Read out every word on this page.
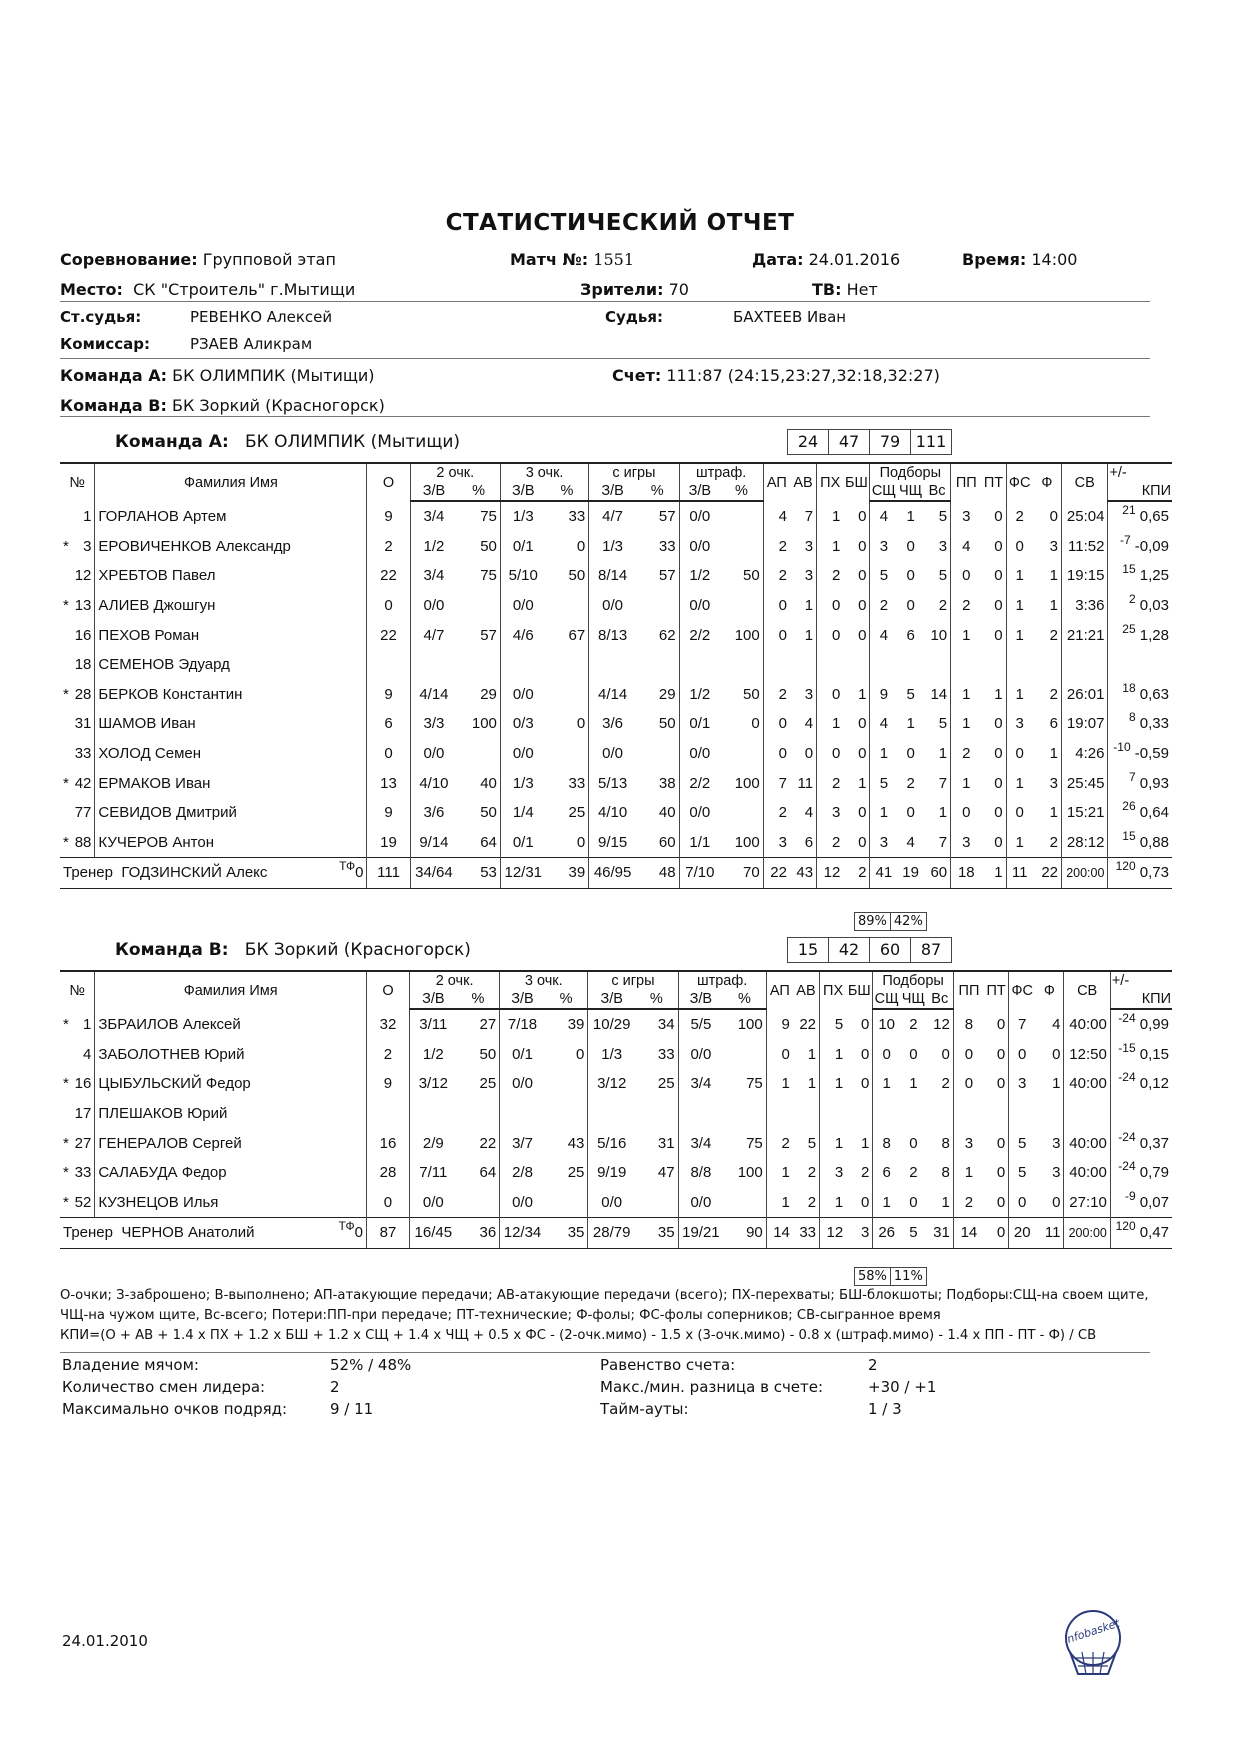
СТАТИСТИЧЕСКИЙ ОТЧЕТ
Соревнование: Групповой этап	Матч №: 1551	Дата: 24.01.2016	Время: 14:00
Место: СК "Строитель" г.Мытищи	Зрители: 70	ТВ: Нет
Ст.судья:	РЕВЕНКО Алексей	Судья:	БАХТЕЕВ Иван
Комиссар:	РЗАЕВ Аликрам
Команда А: БК ОЛИМПИК (Мытищи)	Счет: 111:87 (24:15,23:27,32:18,32:27)
Команда В: БК Зоркий (Красногорск)
Команда А: БК ОЛИМПИК (Мытищи)	24	47	79 111
№	Фамилия Имя	О	2 очк.		3 очк.		с игры		штраф.		АП	АВ	ПХ	БШ	Подборы			ПП	ПТ	ФС	Ф	СВ	+/-
			З/В	%	З/В	%	З/В	%	З/В	%					СЩ	ЧЩ	Вс						КПИ

1	ГОРЛАНОВ Артем	9	3/4	75	1/3	33	4/7	57	0/0		4	7	1	0	4	1	5	3	0	2	0	25:04	$^{21}$ 0,65

* 3	ЕРОВИЧЕНКОВ Александр	2	1/2	50	0/1	0	1/3	33	0/0		2	3	1	0	3	0	3	4	0	0	3	11:52	$^{-7}$ -0,09

12	ХРЕБТОВ Павел	22	3/4	75	5/10	50	8/14	57	1/2	50	2	3	2	0	5	0	5	0	0	1	1	19:15	$^{15}$ 1,25

* 13	АЛИЕВ Джошгун	0	0/0		0/0		0/0		0/0		0	1	0	0	2	0	2	2	0	1	1	3:36	$^2$ 0,03

16	ПЕХОВ Роман	22	4/7	57	4/6	67	8/13	62	2/2	100	0	1	0	0	4	6	10	1	0	1	2	21:21	$^{25}$ 1,28

18	СЕМЕНОВ Эдуард																						

* 28	БЕРКОВ Константин	9	4/14	29	0/0		4/14	29	1/2	50	2	3	0	1	9	5	14	1	1	1	2	26:01	$^{18}$ 0,63

31	ШАМОВ Иван	6	3/3	100	0/3	0	3/6	50	0/1	0	0	4	1	0	4	1	5	1	0	3	6	19:07	$^8$ 0,33

33	ХОЛОД Семен	0	0/0		0/0		0/0		0/0		0	0	0	0	1	0	1	2	0	0	1	4:26	$^{-10}$ -0,59

* 42	ЕРМАКОВ Иван	13	4/10	40	1/3	33	5/13	38	2/2	100	7	11	2	1	5	2	7	1	0	1	3	25:45	$^7$ 0,93

77	СЕВИДОВ Дмитрий	9	3/6	50	1/4	25	4/10	40	0/0		2	4	3	0	1	0	1	0	0	0	1	15:21	$^{26}$ 0,64

* 88	КУЧЕРОВ Антон	19	9/14	64	0/1	0	9/15	60	1/1	100	3	6	2	0	3	4	7	3	0	1	2	28:12	$^{15}$ 0,88
Тренер ГОДЗИНСКИЙ Алекс $^{ТФ}$0		111	34/64	53	12/31	39	46/95	48	7/10	70	22	43	12	2	41	19	60	18	1	11	22	200:00	$^{120}$ 0,73
89% 42%
Команда В: БК Зоркий (Красногорск)	15	42	60	87
№	Фамилия Имя	О	2 очк.		3 очк.		с игры		штраф.		АП	АВ	ПХ	БШ	Подборы			ПП	ПТ	ФС	Ф	СВ	+/-
			З/В	%	З/В	%	З/В	%	З/В	%					СЩ	ЧЩ	Вс						КПИ

* 1	ЗБРАИЛОВ Алексей	32	3/11	27	7/18	39	10/29	34	5/5	100	9	22	5	0	10	2	12	8	0	7	4	40:00	$^{-24}$ 0,99

4	ЗАБОЛОТНЕВ Юрий	2	1/2	50	0/1	0	1/3	33	0/0		0	1	1	0	0	0	0	0	0	0	0	12:50	$^{-15}$ 0,15

* 16	ЦЫБУЛЬСКИЙ Федор	9	3/12	25	0/0		3/12	25	3/4	75	1	1	1	0	1	1	2	0	0	3	1	40:00	$^{-24}$ 0,12

17	ПЛЕШАКОВ Юрий																						

* 27	ГЕНЕРАЛОВ Сергей	16	2/9	22	3/7	43	5/16	31	3/4	75	2	5	1	1	8	0	8	3	0	5	3	40:00	$^{-24}$ 0,37

* 33	САЛАБУДА Федор	28	7/11	64	2/8	25	9/19	47	8/8	100	1	2	3	2	6	2	8	1	0	5	3	40:00	$^{-24}$ 0,79

* 52	КУЗНЕЦОВ Илья	0	0/0		0/0		0/0		0/0		1	2	1	0	1	0	1	2	0	0	0	27:10	$^{-9}$ 0,07
Тренер ЧЕРНОВ Анатолий $^{ТФ}$0		87	16/45	36	12/34	35	28/79	35	19/21	90	14	33	12	3	26	5	31	14	0	20	11	200:00	$^{120}$ 0,47
58% 11%
О-очки; З-заброшено; В-выполнено; АП-атакующие передачи; АВ-атакующие передачи (всего); ПХ-перехваты; БШ-блокшоты; Подборы:СЩ-на своем щите,
ЧЩ-на чужом щите, Вс-всего; Потери:ПП-при передаче; ПТ-технические; Ф-фолы; ФС-фолы соперников; СВ-сыгранное время
КПИ=(О + АВ + 1.4 х ПХ + 1.2 х БШ + 1.2 х СЩ + 1.4 х ЧЩ + 0.5 х ФС - (2-очк.мимо) - 1.5 х (3-очк.мимо) - 0.8 х (штраф.мимо) - 1.4 х ПП - ПТ - Ф) / СВ
Владение мячом:	52% / 48%
Количество смен лидера:	2
Максимально очков подряд:	9 / 11
Равенство счета:	2
Макс./мин. разница в счете:	+30 / +1
Тайм-ауты:	1 / 3
24.01.2010	infobasket
